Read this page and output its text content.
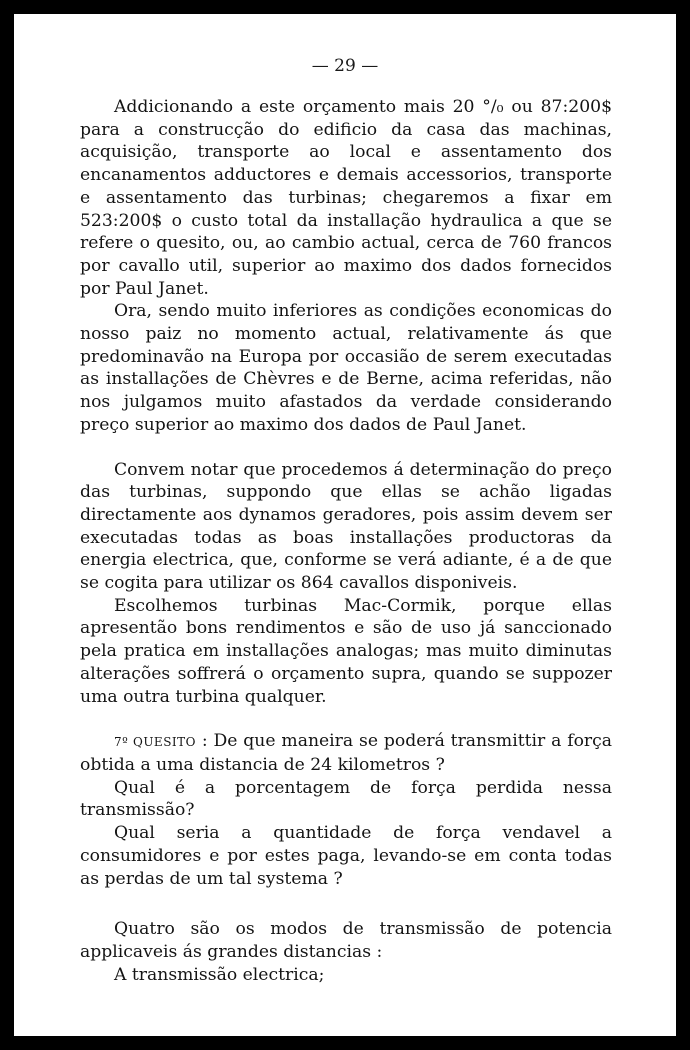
— 29 —

Addicionando a este orçamento mais 20 °/₀ ou 87:200$ para a construcção do edificio da casa das machinas, acquisição, transporte ao local e assentamento dos encanamentos adductores e demais accessorios, transporte e assentamento das turbinas; chegaremos a fixar em 523:200$ o custo total da installação hydraulica a que se refere o quesito, ou, ao cambio actual, cerca de 760 francos por cavallo util, superior ao maximo dos dados fornecidos por Paul Janet.

Ora, sendo muito inferiores as condições economicas do nosso paiz no momento actual, relativamente ás que predominavão na Europa por occasião de serem executadas as installações de Chèvres e de Berne, acima referidas, não nos julgamos muito afastados da verdade considerando preço superior ao maximo dos dados de Paul Janet.

Convem notar que procedemos á determinação do preço das turbinas, suppondo que ellas se achão ligadas directamente aos dynamos geradores, pois assim devem ser executadas todas as boas installações productoras da energia electrica, que, conforme se verá adiante, é a de que se cogita para utilizar os 864 cavallos disponiveis.

Escolhemos turbinas Mac-Cormik, porque ellas apresentão bons rendimentos e são de uso já sanccionado pela pratica em installações analogas; mas muito diminutas alterações soffrerá o orçamento supra, quando se suppozer uma outra turbina qualquer.

7º QUESITO : De que maneira se poderá transmittir a força obtida a uma distancia de 24 kilometros ?

Qual é a porcentagem de força perdida nessa transmissão?

Qual seria a quantidade de força vendavel a consumidores e por estes paga, levando-se em conta todas as perdas de um tal systema ?

Quatro são os modos de transmissão de potencia applicaveis ás grandes distancias :

A transmissão electrica;
